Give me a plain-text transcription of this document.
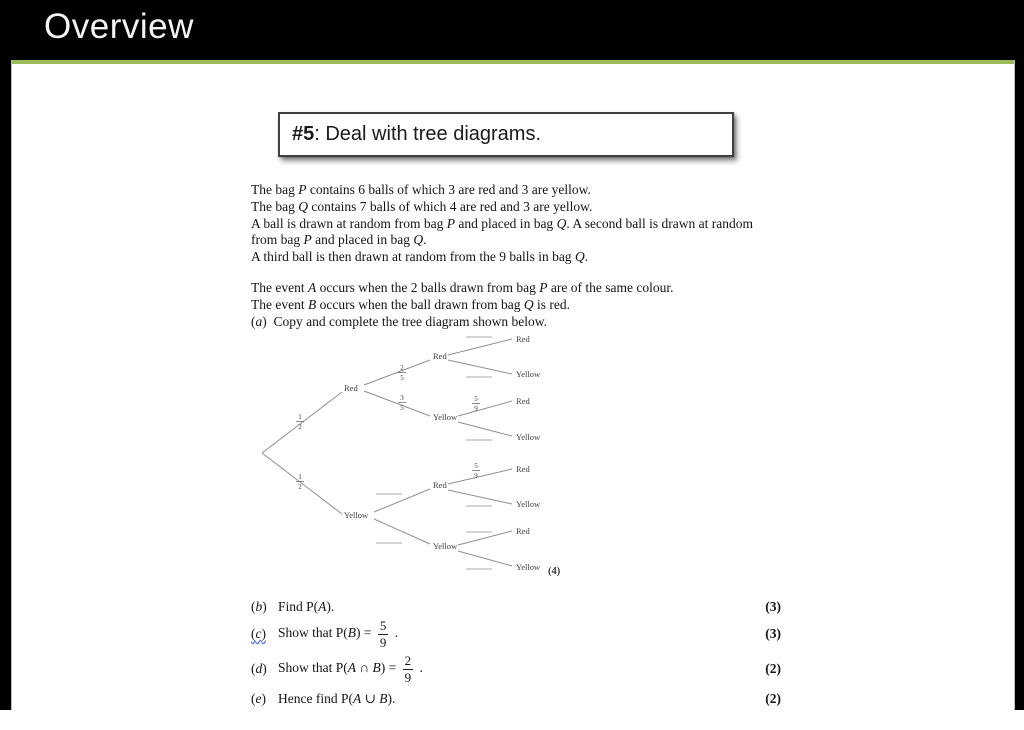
Overview
#5 : Deal with tree diagrams.
The bag P contains 6 balls of which 3 are red and 3 are yellow.
The bag Q contains 7 balls of which 4 are red and 3 are yellow.
A ball is drawn at random from bag P and placed in bag Q. A second ball is drawn at random
from bag P and placed in bag Q.
A third ball is then drawn at random from the 9 balls in bag Q.
The event A occurs when the 2 balls drawn from bag P are of the same colour.
The event B occurs when the ball drawn from bag Q is red.
(a)  Copy and complete the tree diagram shown below.
1
2
1
2
2
5
3
5
5
9
5
9
Red
Yellow
Red
Yellow
Red
Yellow
Red
Yellow
Red
Yellow
Red
Yellow
Red
Yellow (4)
(b) Find P(A).	(3)
(c) Show that $P(B) = \frac{5}{9}$ .	(3)
(d) Show that P(A ∩ $B) = \frac{2}{9}$ .	(2)
(e) Hence find P(A ∪ B).	(2)
